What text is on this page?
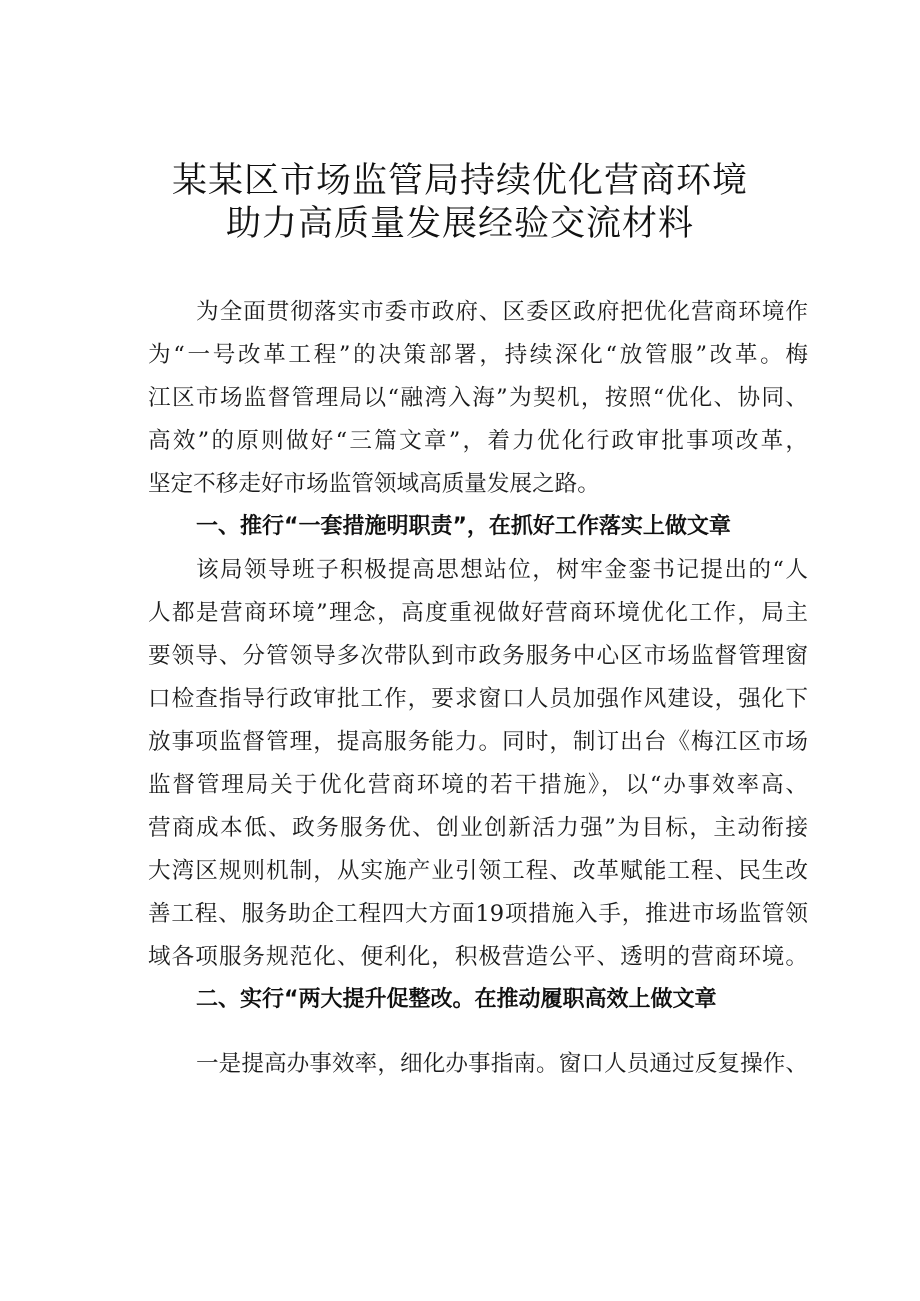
某某区市场监管局持续优化营商环境
助力高质量发展经验交流材料
为全面贯彻落实市委市政府、区委区政府把优化营商环境作
为“一号改革工程”的决策部署，持续深化“放管服”改革。梅
江区市场监督管理局以“融湾入海”为契机，按照“优化、协同、
高效”的原则做好“三篇文章”，着力优化行政审批事项改革，
坚定不移走好市场监管领域高质量发展之路。
一、推行“一套措施明职责”，在抓好工作落实上做文章
该局领导班子积极提高思想站位，树牢金銮书记提出的“人
人都是营商环境”理念，高度重视做好营商环境优化工作，局主
要领导、分管领导多次带队到市政务服务中心区市场监督管理窗
口检查指导行政审批工作，要求窗口人员加强作风建设，强化下
放事项监督管理，提高服务能力。同时，制订出台《梅江区市场
监督管理局关于优化营商环境的若干措施》，以“办事效率高、
营商成本低、政务服务优、创业创新活力强”为目标，主动衔接
大湾区规则机制，从实施产业引领工程、改革赋能工程、民生改
善工程、服务助企工程四大方面19项措施入手，推进市场监管领
域各项服务规范化、便利化，积极营造公平、透明的营商环境。
二、实行“两大提升促整改。在推动履职高效上做文章
一是提高办事效率，细化办事指南。窗口人员通过反复操作、
